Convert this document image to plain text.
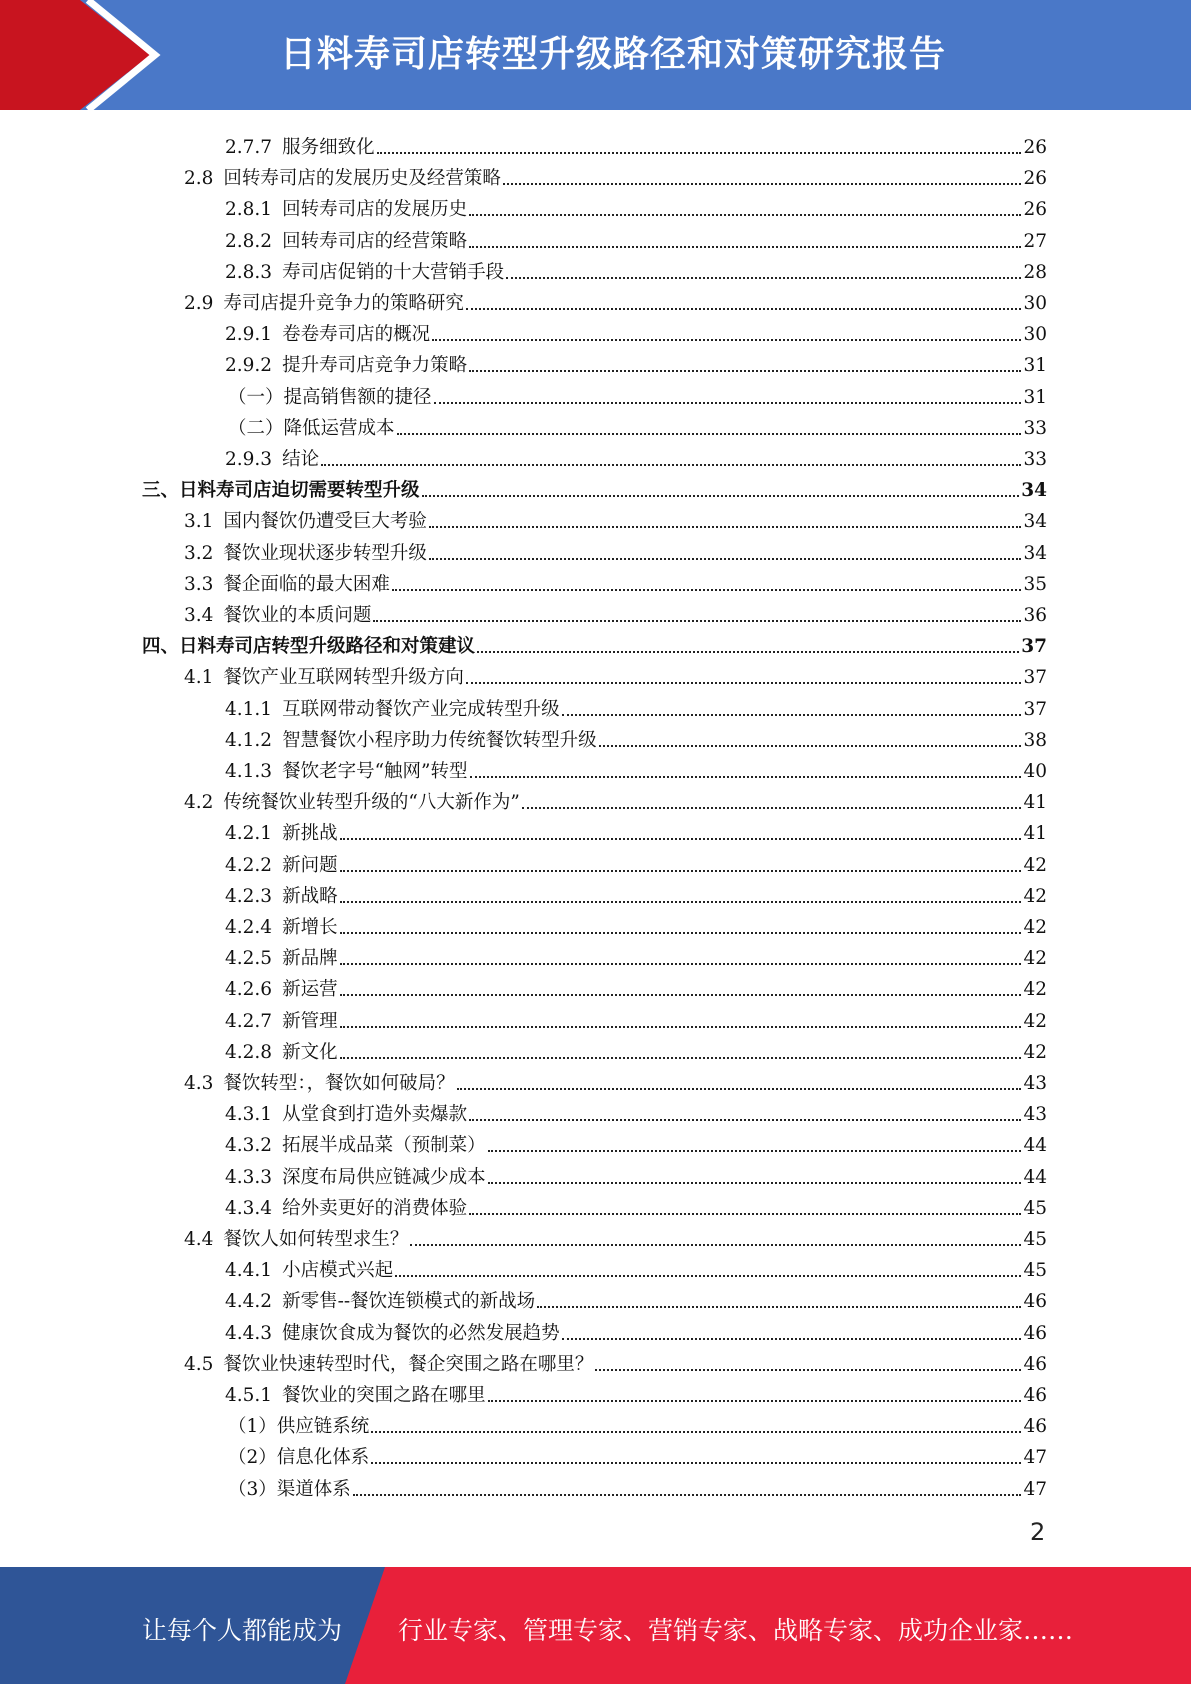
日料寿司店转型升级路径和对策研究报告
2.7.7 服务细致化	26
2.8 回转寿司店的发展历史及经营策略	26
2.8.1 回转寿司店的发展历史	26
2.8.2 回转寿司店的经营策略	27
2.8.3 寿司店促销的十大营销手段	28
2.9 寿司店提升竞争力的策略研究	30
2.9.1 卷卷寿司店的概况	30
2.9.2 提升寿司店竞争力策略	31
（一）提高销售额的捷径	31
（二）降低运营成本	33
2.9.3 结论	33
三、日料寿司店迫切需要转型升级	34
3.1 国内餐饮仍遭受巨大考验	34
3.2 餐饮业现状逐步转型升级	34
3.3 餐企面临的最大困难	35
3.4 餐饮业的本质问题	36
四、日料寿司店转型升级路径和对策建议	37
4.1 餐饮产业互联网转型升级方向	37
4.1.1 互联网带动餐饮产业完成转型升级	37
4.1.2 智慧餐饮小程序助力传统餐饮转型升级	38
4.1.3 餐饮老字号“触网”转型	40
4.2 传统餐饮业转型升级的“八大新作为”	41
4.2.1 新挑战	41
4.2.2 新问题	42
4.2.3 新战略	42
4.2.4 新增长	42
4.2.5 新品牌	42
4.2.6 新运营	42
4.2.7 新管理	42
4.2.8 新文化	42
4.3 餐饮转型：，餐饮如何破局？	43
4.3.1 从堂食到打造外卖爆款	43
4.3.2 拓展半成品菜（预制菜）	44
4.3.3 深度布局供应链减少成本	44
4.3.4 给外卖更好的消费体验	45
4.4 餐饮人如何转型求生？	45
4.4.1 小店模式兴起	45
4.4.2 新零售--餐饮连锁模式的新战场	46
4.4.3 健康饮食成为餐饮的必然发展趋势	46
4.5 餐饮业快速转型时代，餐企突围之路在哪里？	46
4.5.1 餐饮业的突围之路在哪里	46
（1）供应链系统	46
（2）信息化体系	47
（3）渠道体系	47
2
让每个人都能成为 行业专家、管理专家、营销专家、战略专家、成功企业家……
